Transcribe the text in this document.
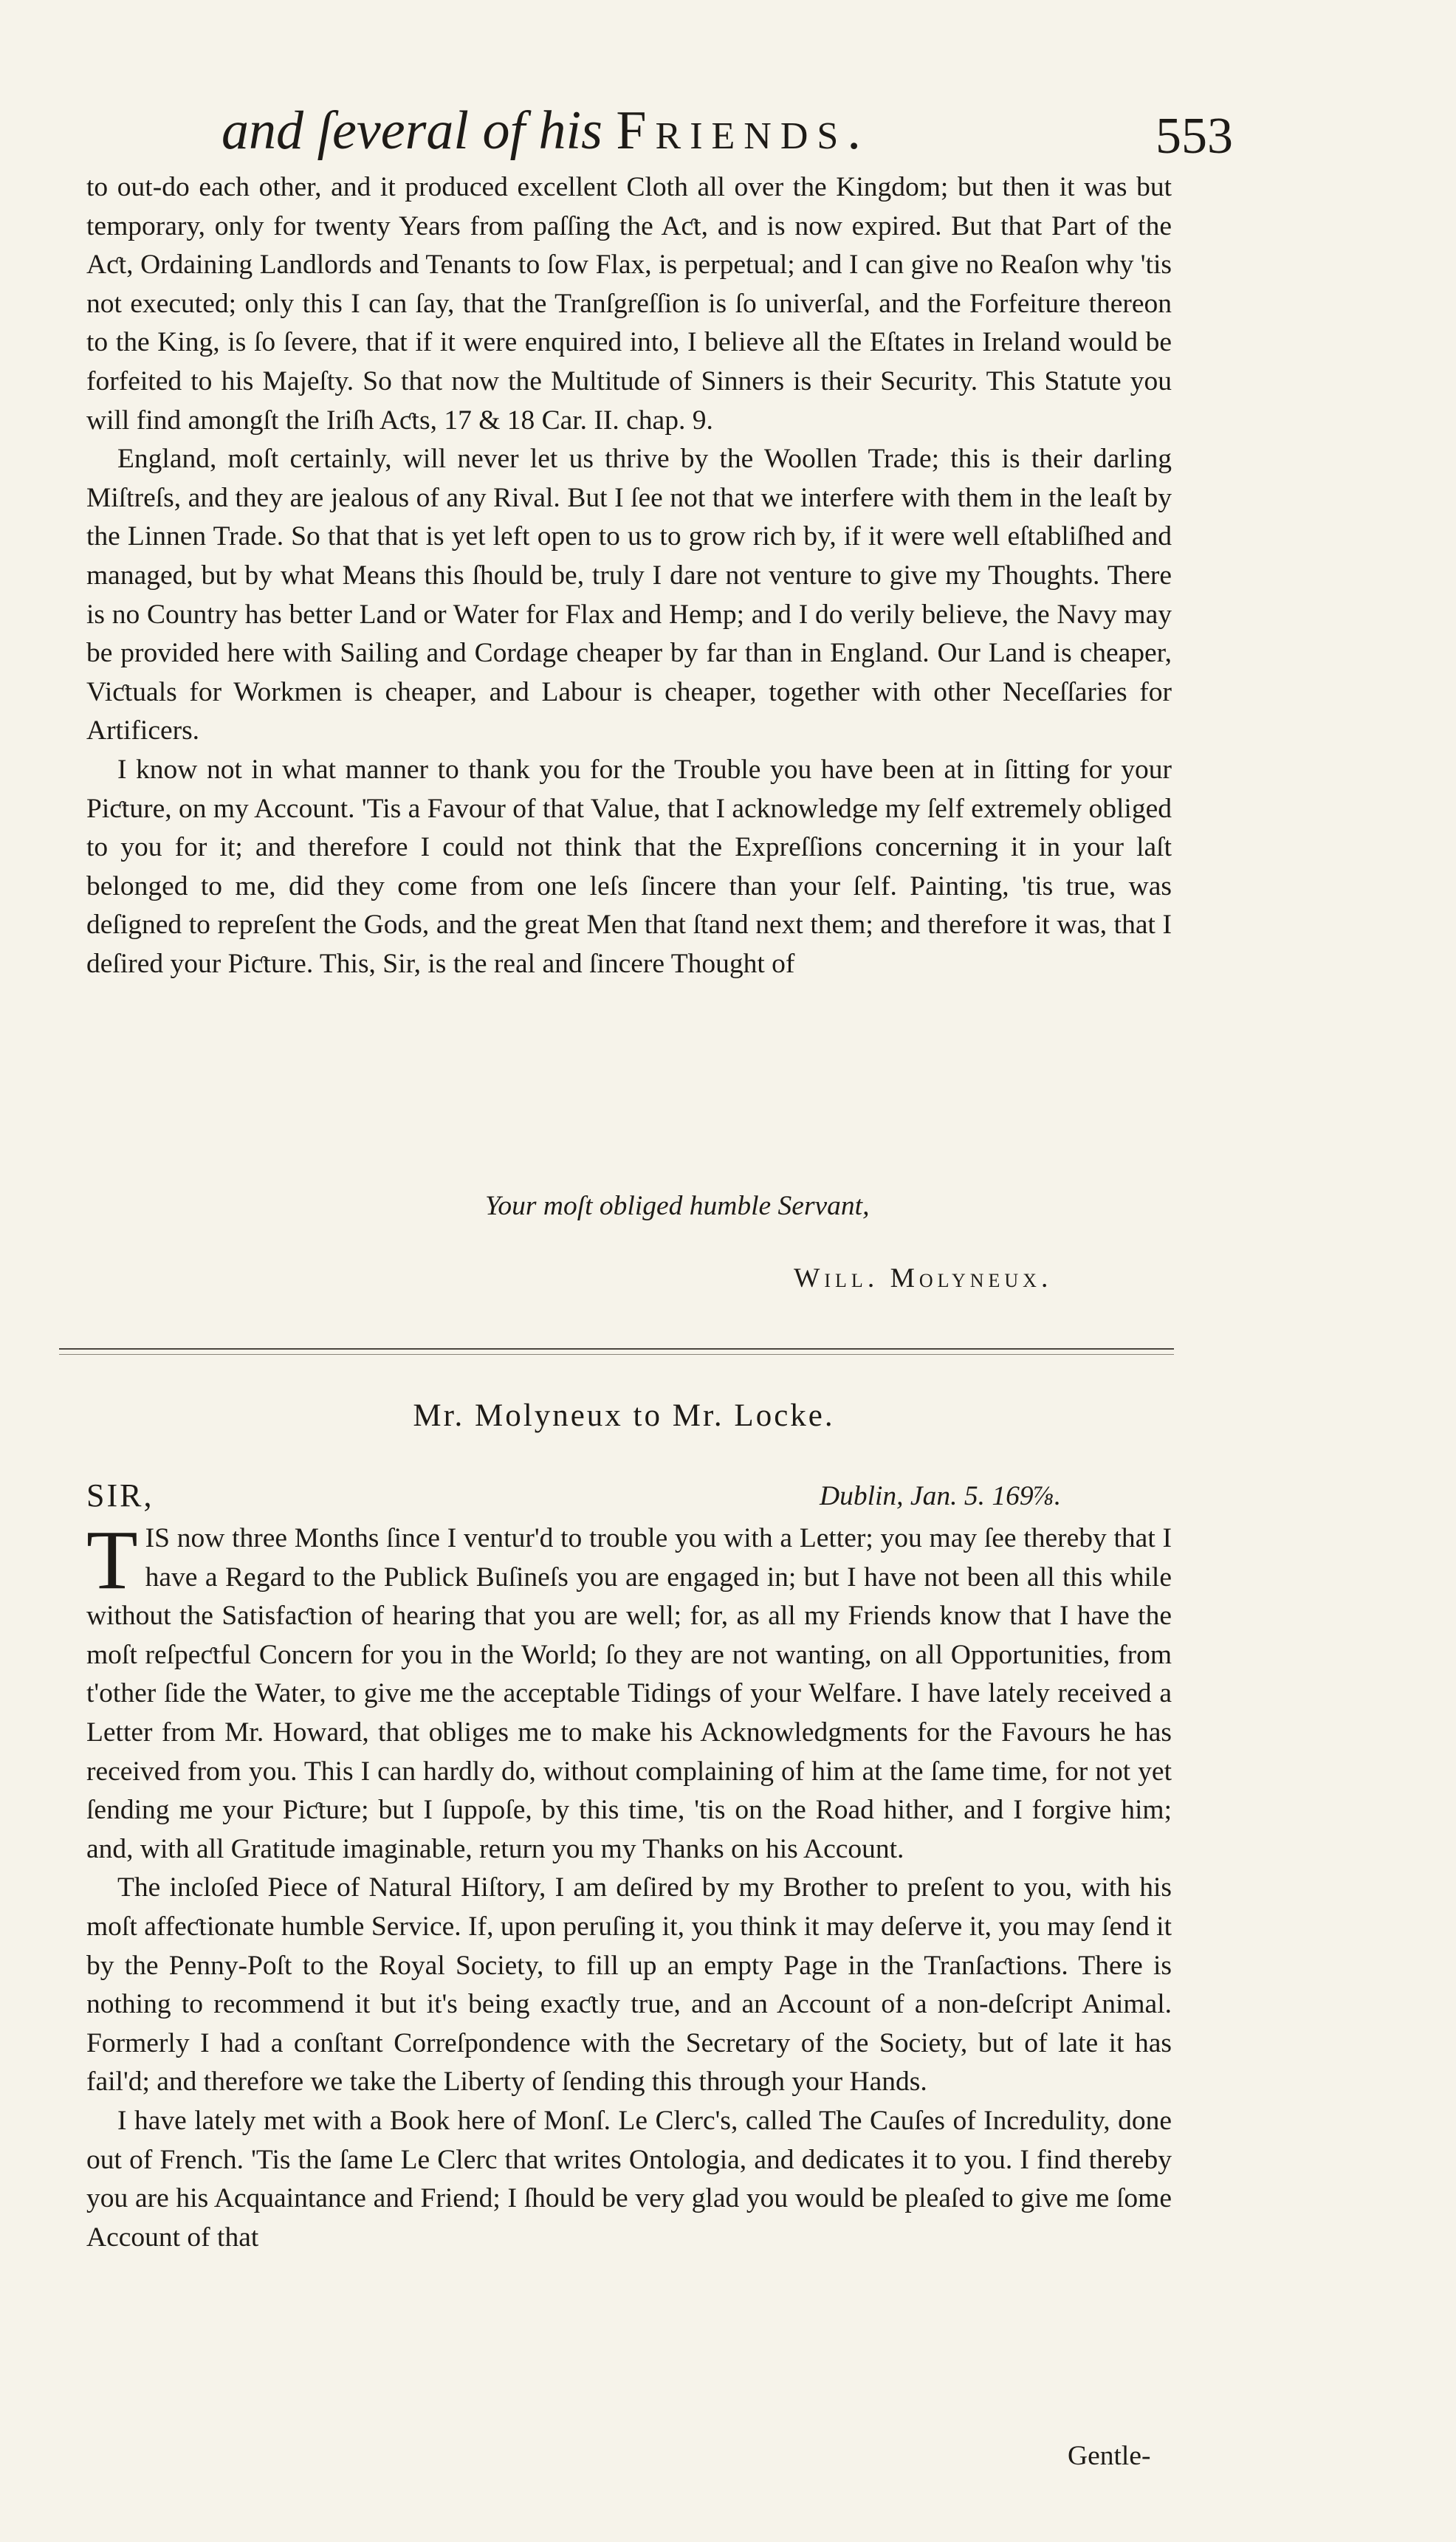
and ſeveral of his Friends.	553

to out-do each other, and it produced excellent Cloth all over the Kingdom; but then it was but temporary, only for twenty Years from paſſing the Aƈt, and is now expired. But that Part of the Aƈt, Ordaining Landlords and Tenants to ſow Flax, is perpetual; and I can give no Reaſon why 'tis not executed; only this I can ſay, that the Tranſgreſſion is ſo univerſal, and the Forfeiture thereon to the King, is ſo ſevere, that if it were enquired into, I believe all the Eſtates in Ireland would be forfeited to his Majeſty. So that now the Multitude of Sinners is their Security. This Statute you will find amongſt the Iriſh Aƈts, 17 & 18 Car. II. chap. 9.

England, moſt certainly, will never let us thrive by the Woollen Trade; this is their darling Miſtreſs, and they are jealous of any Rival. But I ſee not that we interfere with them in the leaſt by the Linnen Trade. So that that is yet left open to us to grow rich by, if it were well eſtabliſhed and managed, but by what Means this ſhould be, truly I dare not venture to give my Thoughts. There is no Country has better Land or Water for Flax and Hemp; and I do verily believe, the Navy may be provided here with Sailing and Cordage cheaper by far than in England. Our Land is cheaper, Viƈtuals for Workmen is cheaper, and Labour is cheaper, together with other Neceſſaries for Artificers.

I know not in what manner to thank you for the Trouble you have been at in ſitting for your Piƈture, on my Account. 'Tis a Favour of that Value, that I acknowledge my ſelf extremely obliged to you for it; and therefore I could not think that the Expreſſions concerning it in your laſt belonged to me, did they come from one leſs ſincere than your ſelf. Painting, 'tis true, was deſigned to repreſent the Gods, and the great Men that ſtand next them; and therefore it was, that I deſired your Piƈture. This, Sir, is the real and ſincere Thought of

Your moſt obliged humble Servant,
Will. Molyneux.
Mr. Molyneux to Mr. Locke.
SIR,	Dublin, Jan. 5. 169⅞.

TIS now three Months ſince I ventur'd to trouble you with a Letter; you may ſee thereby that I have a Regard to the Publick Buſineſs you are engaged in; but I have not been all this while without the Satisfaƈtion of hearing that you are well; for, as all my Friends know that I have the moſt reſpeƈtful Concern for you in the World; ſo they are not wanting, on all Opportunities, from t'other ſide the Water, to give me the acceptable Tidings of your Welfare. I have lately received a Letter from Mr. Howard, that obliges me to make his Acknowledgments for the Favours he has received from you. This I can hardly do, without complaining of him at the ſame time, for not yet ſending me your Piƈture; but I ſuppoſe, by this time, 'tis on the Road hither, and I forgive him; and, with all Gratitude imaginable, return you my Thanks on his Account.

The incloſed Piece of Natural Hiſtory, I am deſired by my Brother to preſent to you, with his moſt affeƈtionate humble Service. If, upon peruſing it, you think it may deſerve it, you may ſend it by the Penny-Poſt to the Royal Society, to fill up an empty Page in the Tranſaƈtions. There is nothing to recommend it but it's being exaƈtly true, and an Account of a non-deſcript Animal. Formerly I had a conſtant Correſpondence with the Secretary of the Society, but of late it has fail'd; and therefore we take the Liberty of ſending this through your Hands.

I have lately met with a Book here of Monſ. Le Clerc's, called The Cauſes of Incredulity, done out of French. 'Tis the ſame Le Clerc that writes Ontologia, and dedicates it to you. I find thereby you are his Acquaintance and Friend; I ſhould be very glad you would be pleaſed to give me ſome Account of that

Gentle-
